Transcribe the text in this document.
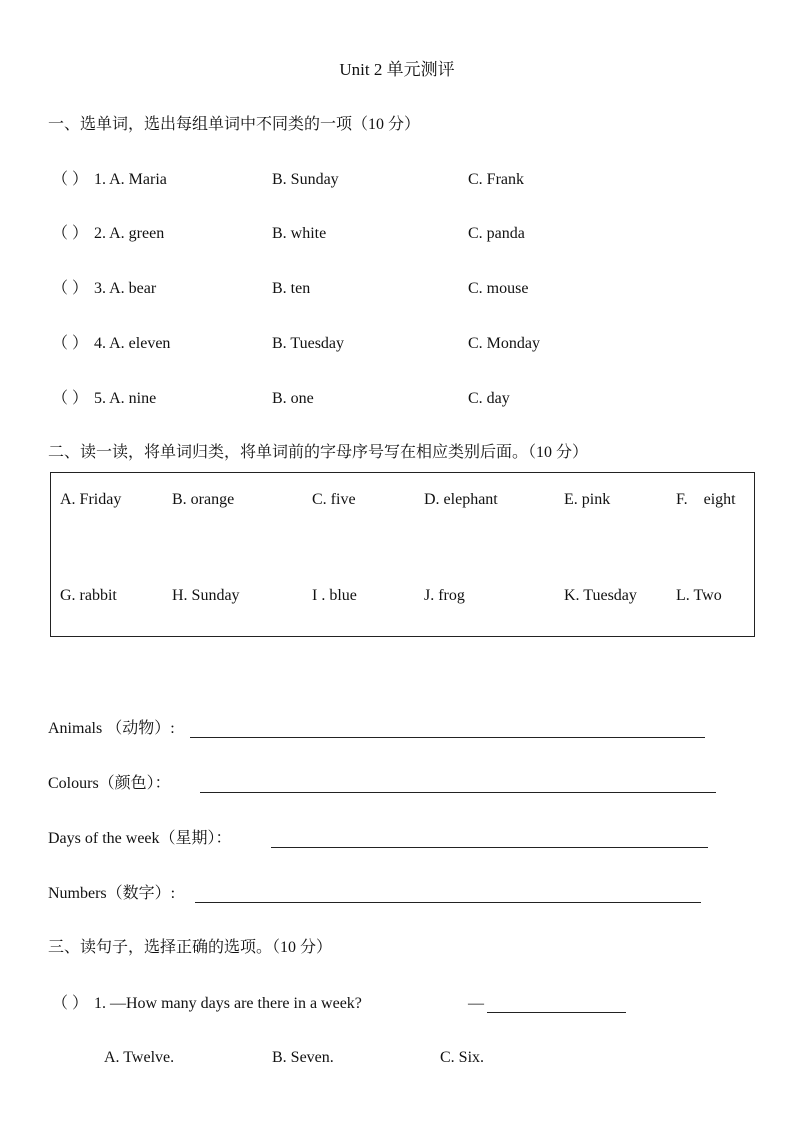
Unit 2 单元测评
一、选单词，选出每组单词中不同类的一项（10 分）
（ ） 1. A. Maria	B. Sunday	C. Frank
（ ） 2. A. green	B. white	C. panda
（ ） 3. A. bear	B. ten	C. mouse
（ ） 4. A. eleven	B. Tuesday	C. Monday
（ ） 5. A. nine	B. one	C. day
二、读一读，将单词归类，将单词前的字母序号写在相应类别后面。（10 分）
A. Friday	B. orange	C. five	D. elephant	E. pink	F.    eight
G. rabbit	H. Sunday	I . blue	J. frog	K. Tuesday L. Two
Animals （动物）:
Colours（颜色）：
Days of the week（星期）：
Numbers（数字）:
三、读句子，选择正确的选项。（10 分）
（ ） 1. —How many days are there in a week?	—
A. Twelve.	B. Seven.	C. Six.
